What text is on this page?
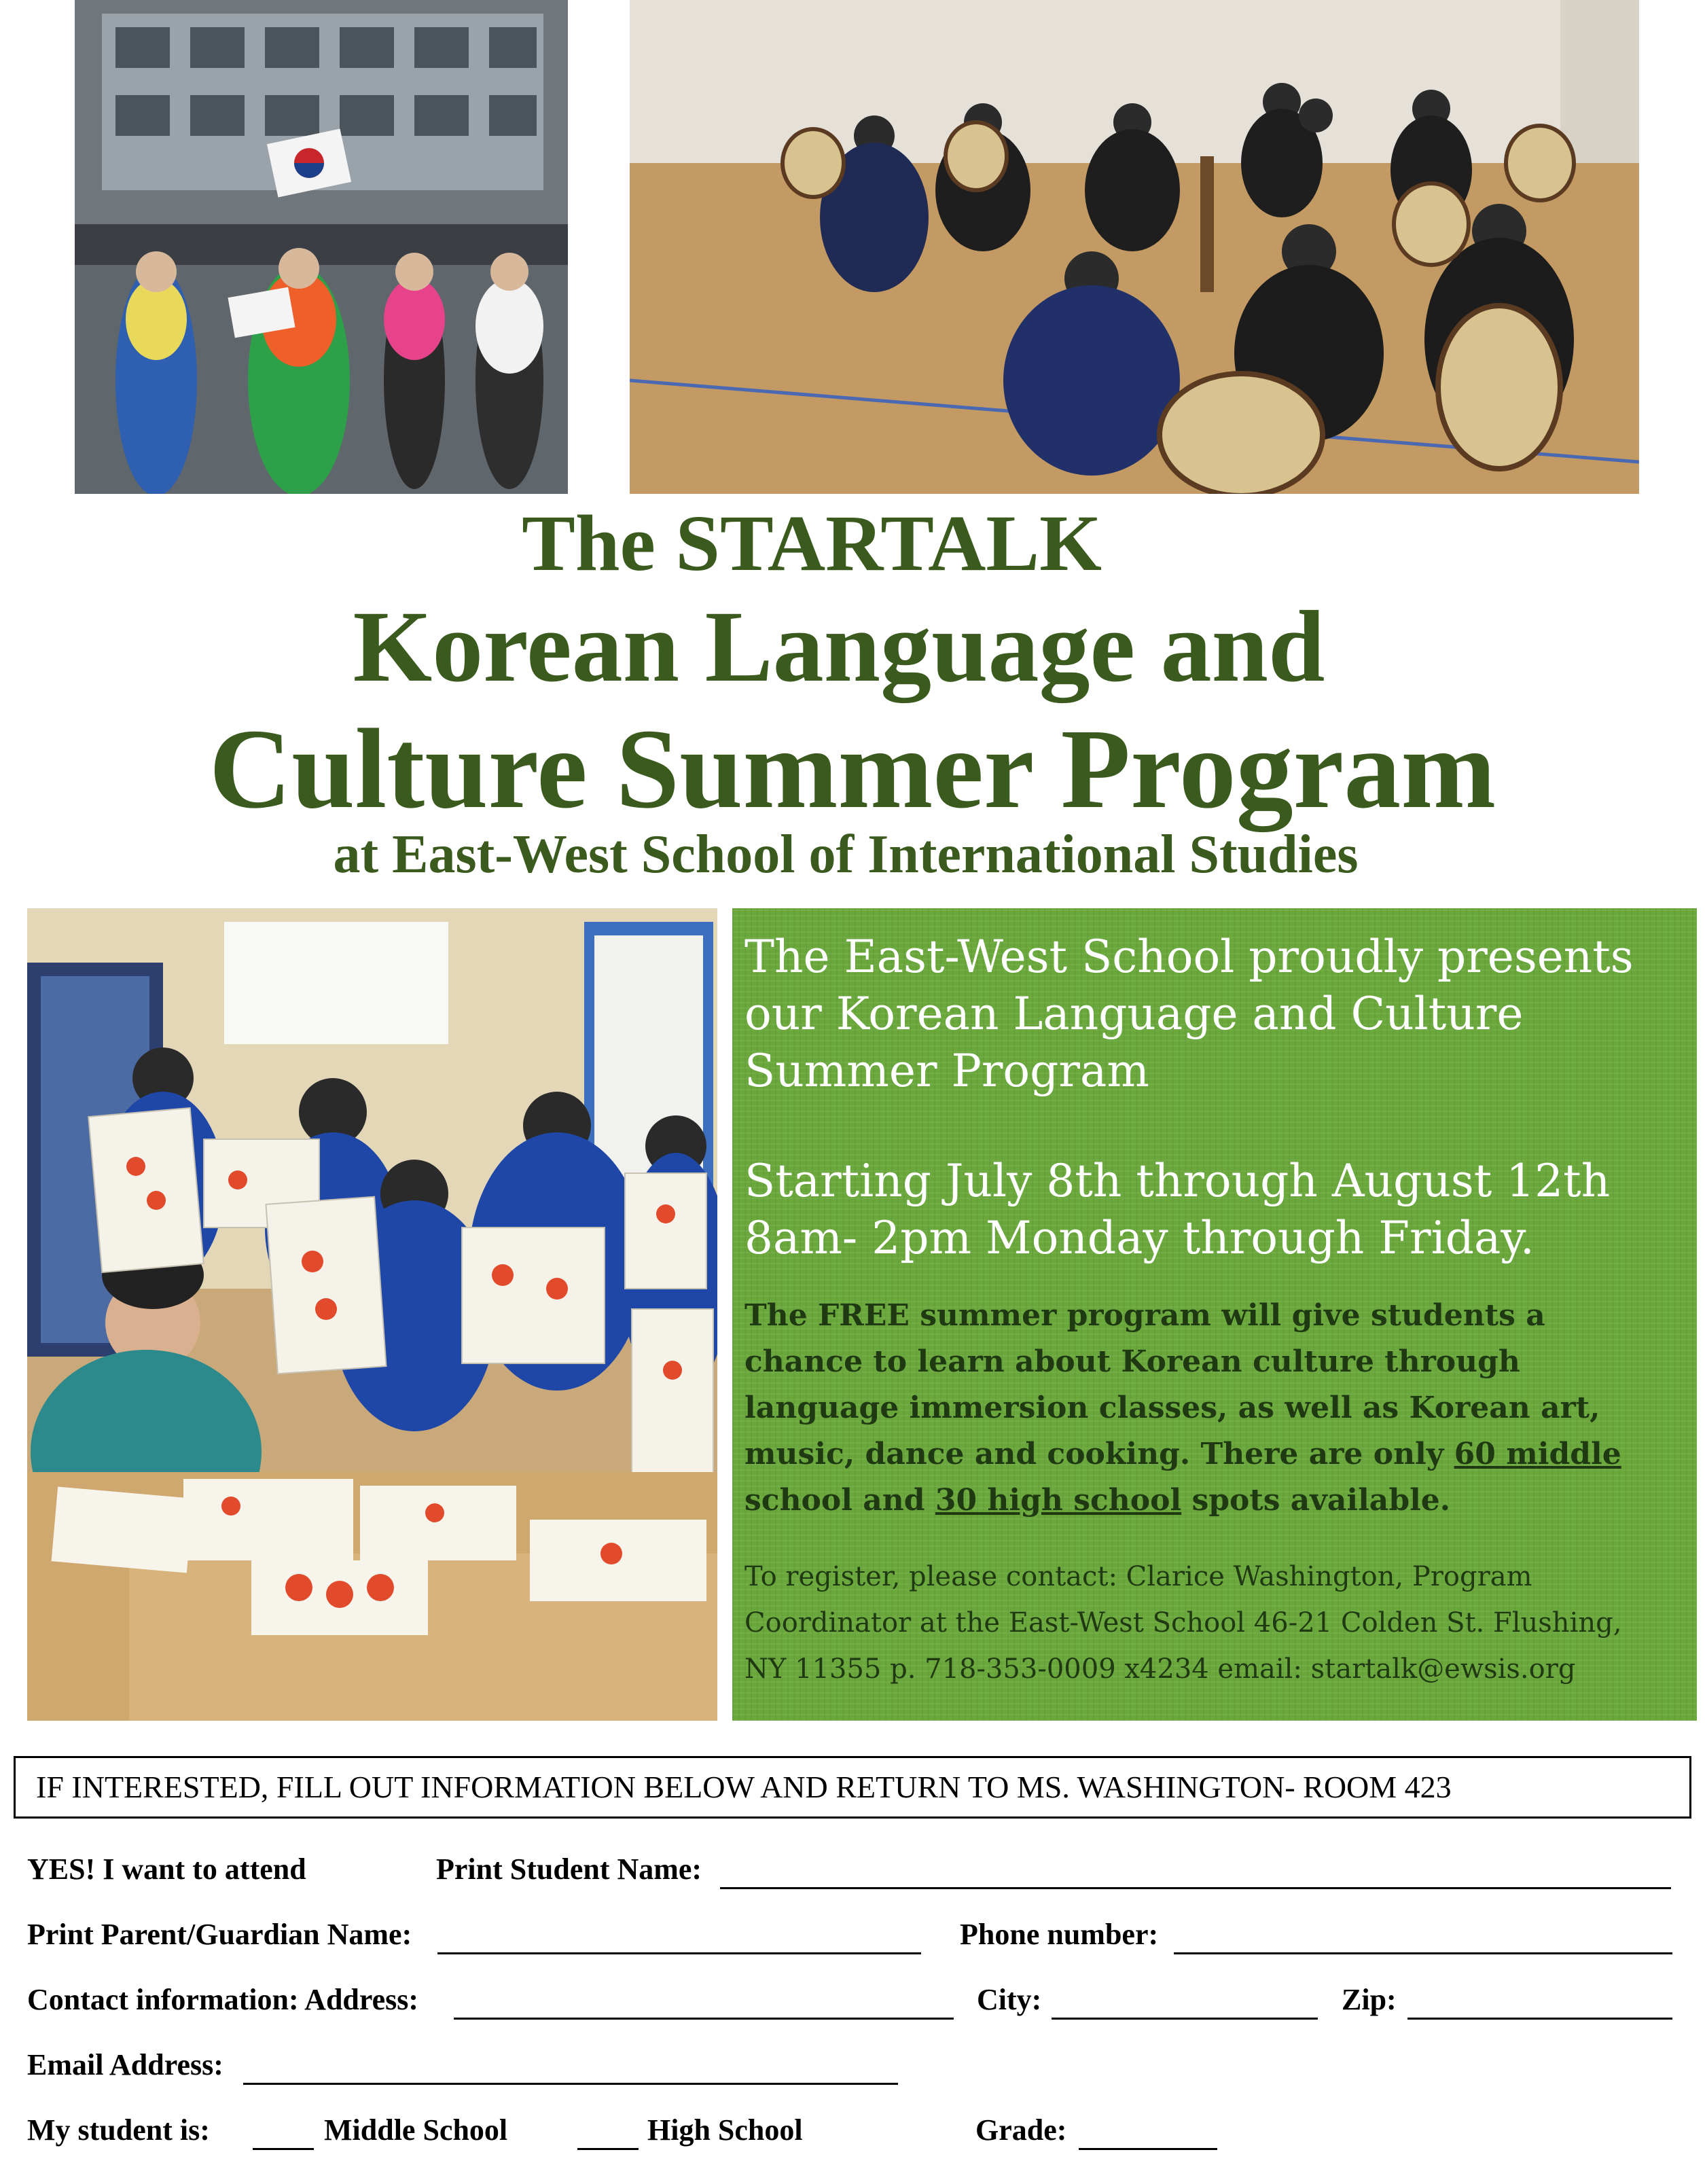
The STARTALK
Korean Language and
Culture Summer Program
at East-West School of International Studies

The East-West School proudly presents our Korean Language and Culture Summer Program

Starting July 8th through August 12th
8am- 2pm Monday through Friday.

The FREE summer program will give students a chance to learn about Korean culture through language immersion classes, as well as Korean art, music, dance and cooking. There are only 60 middle school and 30 high school spots available.

To register, please contact: Clarice Washington, Program Coordinator at the East-West School 46-21 Colden St. Flushing, NY 11355 p. 718-353-0009 x4234 email: startalk@ewsis.org

IF INTERESTED, FILL OUT INFORMATION BELOW AND RETURN TO MS. WASHINGTON- ROOM 423
YES! I want to attend	Print Student Name:
Print Parent/Guardian Name:	Phone number:
Contact information: Address:	City:	Zip:
Email Address:
My student is:	Middle School	High School	Grade:
